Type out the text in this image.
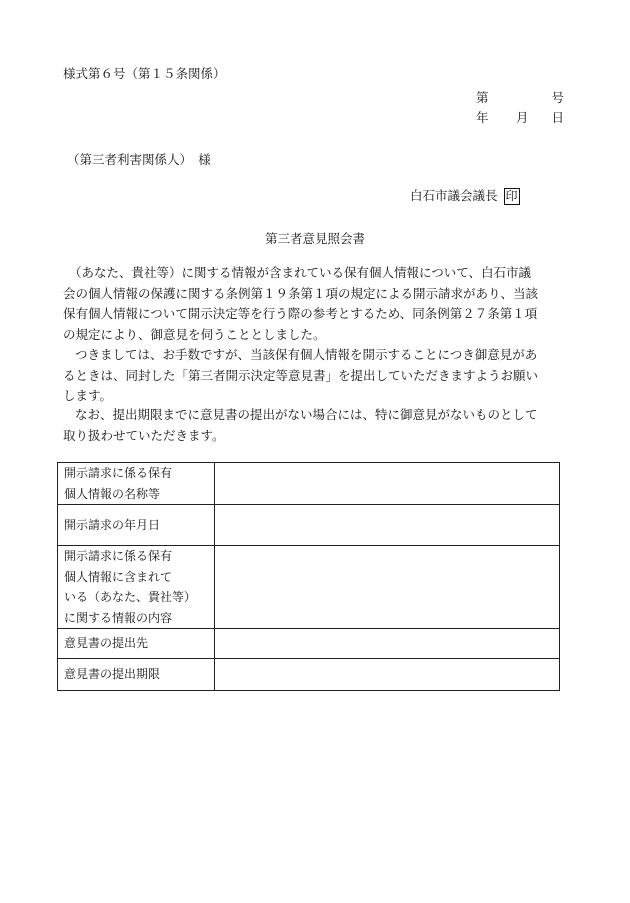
様式第６号（第１５条関係）
第	号
年 月 日
（第三者利害関係人）　様
白石市議会議長 印
第三者意見照会書
（あなた、貴社等）に関する情報が含まれている保有個人情報について、白石市議
会の個人情報の保護に関する条例第１９条第１項の規定による開示請求があり、当該
保有個人情報について開示決定等を行う際の参考とするため、同条例第２７条第１項
の規定により、御意見を伺うこととしました。
つきましては、お手数ですが、当該保有個人情報を開示することにつき御意見があ
るときは、同封した「第三者開示決定等意見書」を提出していただきますようお願い
します。
なお、提出期限までに意見書の提出がない場合には、特に御意見がないものとして
取り扱わせていただきます。
開示請求に係る保有
個人情報の名称等	

開示請求の年月日	

開示請求に係る保有
個人情報に含まれて
いる（あなた、貴社等）
に関する情報の内容	

意見書の提出先	

意見書の提出期限	
